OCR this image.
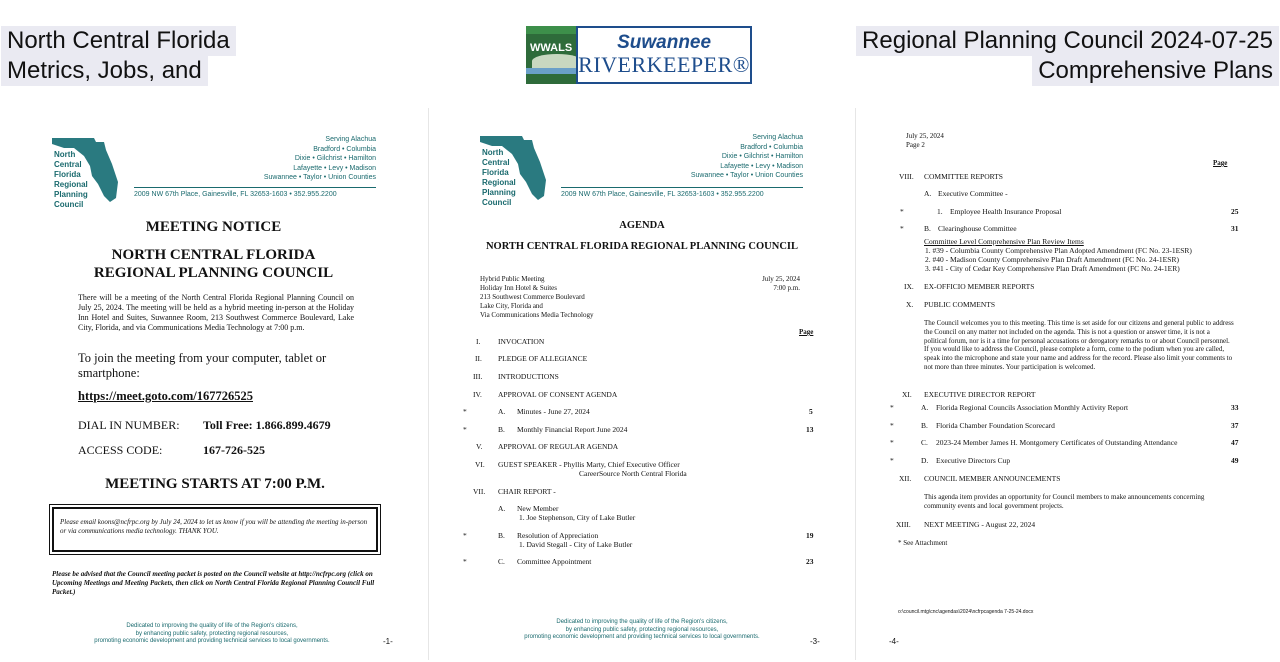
North Central Florida
Metrics, Jobs, and
Regional Planning Council 2024-07-25
Comprehensive Plans
WWALS Suwannee
RIVERKEEPER®
North
Central
Florida
Regional
Planning
Council
Serving Alachua
Bradford • Columbia
Dixie • Gilchrist • Hamilton
Lafayette • Levy • Madison
Suwannee • Taylor • Union Counties
2009 NW 67th Place, Gainesville, FL 32653-1603 • 352.955.2200
MEETING NOTICE
NORTH CENTRAL FLORIDA
REGIONAL PLANNING COUNCIL
There will be a meeting of the North Central Florida Regional Planning Council on July 25, 2024. The meeting will be held as a hybrid meeting in-person at the Holiday Inn Hotel and Suites, Suwannee Room, 213 Southwest Commerce Boulevard, Lake City, Florida, and via Communications Media Technology at 7:00 p.m.
To join the meeting from your computer, tablet or smartphone:
https://meet.goto.com/167726525
DIAL IN NUMBER: Toll Free: 1.866.899.4679
ACCESS CODE:	167-726-525
MEETING STARTS AT 7:00 P.M.
Please email koons@ncfrpc.org by July 24, 2024 to let us know if you will be attending the meeting in-person or via communications media technology. THANK YOU.
Please be advised that the Council meeting packet is posted on the Council website at http://ncfrpc.org (click on Upcoming Meetings and Meeting Packets, then click on North Central Florida Regional Planning Council Full Packet.)
Dedicated to improving the quality of life of the Region's citizens,
by enhancing public safety, protecting regional resources,
promoting economic development and providing technical services to local governments.	-1-
North
Central
Florida
Regional
Planning
Council
Serving Alachua
Bradford • Columbia
Dixie • Gilchrist • Hamilton
Lafayette • Levy • Madison
Suwannee • Taylor • Union Counties
2009 NW 67th Place, Gainesville, FL 32653-1603 • 352.955.2200
AGENDA
NORTH CENTRAL FLORIDA REGIONAL PLANNING COUNCIL
Hybrid Public Meeting
Holiday Inn Hotel & Suites
213 Southwest Commerce Boulevard
Lake City, Florida and
Via Communications Media Technology
July 25, 2024
7:00 p.m.
Page
I. INVOCATION
II. PLEDGE OF ALLEGIANCE
III. INTRODUCTIONS
IV. APPROVAL OF CONSENT AGENDA
*	A. Minutes - June 27, 2024	5
*	B. Monthly Financial Report June 2024	13
V. APPROVAL OF REGULAR AGENDA
VI. GUEST SPEAKER - Phyllis Marty, Chief Executive Officer
CareerSource North Central Florida
VII. CHAIR REPORT -
A. New Member
1. Joe Stephenson, City of Lake Butler
*	B. Resolution of Appreciation	19
1. David Stegall - City of Lake Butler
*	C. Committee Appointment	23
Dedicated to improving the quality of life of the Region's citizens,
by enhancing public safety, protecting regional resources,
promoting economic development and providing technical services to local governments.	-3-
July 25, 2024
Page 2
Page
VIII. COMMITTEE REPORTS
A. Executive Committee -
*	1. Employee Health Insurance Proposal	25
*	B. Clearinghouse Committee	31
Committee Level Comprehensive Plan Review Items
1. #39 - Columbia County Comprehensive Plan Adopted Amendment (FC No. 23-1ESR)
2. #40 - Madison County Comprehensive Plan Draft Amendment (FC No. 24-1ESR)
3. #41 - City of Cedar Key Comprehensive Plan Draft Amendment (FC No. 24-1ER)
IX. EX-OFFICIO MEMBER REPORTS
X. PUBLIC COMMENTS
The Council welcomes you to this meeting. This time is set aside for our citizens and general public to address the Council on any matter not included on the agenda. This is not a question or answer time, it is not a political forum, nor is it a time for personal accusations or derogatory remarks to or about Council personnel. If you would like to address the Council, please complete a form, come to the podium when you are called, speak into the microphone and state your name and address for the record. Please also limit your comments to not more than three minutes. Your participation is welcomed.
XI. EXECUTIVE DIRECTOR REPORT
*	A. Florida Regional Councils Association Monthly Activity Report	33
*	B. Florida Chamber Foundation Scorecard	37
*	C. 2023-24 Member James H. Montgomery Certificates of Outstanding Attendance	47
*	D. Executive Directors Cup	49
XII. COUNCIL MEMBER ANNOUNCEMENTS
This agenda item provides an opportunity for Council members to make announcements concerning community events and local government projects.
XIII. NEXT MEETING - August 22, 2024
* See Attachment
o:\council.mtg\cnc\agendas\2024\ncfrpcagenda 7-25-24.docx
-4-
